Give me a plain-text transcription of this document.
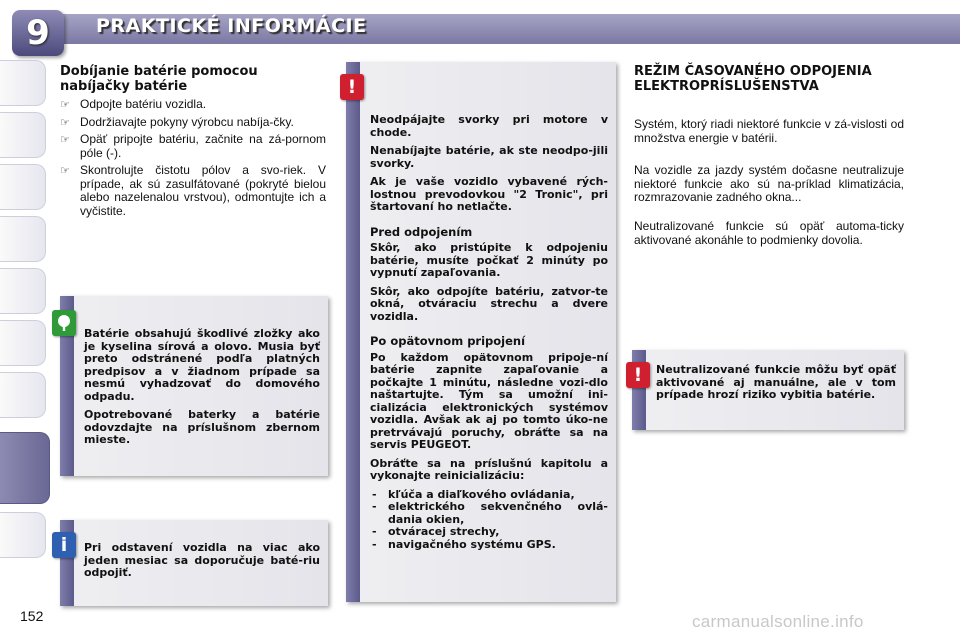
9	PRAKTICKÉ INFORMÁCIE
Dobíjanie batérie pomocou nabíjačky batérie
☞ Odpojte batériu vozidla.
☞ Dodržiavajte pokyny výrobcu nabíja-čky.
☞ Opäť pripojte batériu, začnite na zá-pornom póle (-).
☞ Skontrolujte čistotu pólov a svo-riek. V prípade, ak sú zasulfátované (pokryté bielou alebo nazelenalou vrstvou), odmontujte ich a vyčistite.

Batérie obsahujú škodlivé zložky ako je kyselina sírová a olovo. Musia byť preto odstránené podľa platných predpisov a v žiadnom prípade sa nesmú vyhadzovať do domového odpadu.

Opotrebované baterky a batérie odovzdajte na príslušnom zbernom mieste.

Pri odstavení vozidla na viac ako jeden mesiac sa doporučuje baté-riu odpojiť.
i

Neodpájajte svorky pri motore v chode.

Nenabíjajte batérie, ak ste neodpo-jili svorky.

Ak je vaše vozidlo vybavené rých-lostnou prevodovkou "2 Tronic", pri štartovaní ho netlačte.

Pred odpojením

Skôr, ako pristúpite k odpojeniu batérie, musíte počkať 2 minúty po vypnutí zapaľovania.

Skôr, ako odpojíte batériu, zatvor-te okná, otváraciu strechu a dvere vozidla.

Po opätovnom pripojení

Po každom opätovnom pripoje-ní batérie zapnite zapaľovanie a počkajte 1 minútu, následne vozi-dlo naštartujte. Tým sa umožní ini-cializácia elektronických systémov vozidla. Avšak ak aj po tomto úko-ne pretrvávajú poruchy, obráťte sa na servis PEUGEOT.

Obráťte sa na príslušnú kapitolu a vykonajte reinicializáciu:

- kľúča a diaľkového ovládania,
- elektrického sekvenčného ovlá-dania okien,
- otváracej strechy,
- navigačného systému GPS.
!
REŽIM ČASOVANÉHO ODPOJENIA ELEKTROPRÍSLUŠENSTVA
Systém, ktorý riadi niektoré funkcie v zá-vislosti od množstva energie v batérii.
Na vozidle za jazdy systém dočasne neutralizuje niektoré funkcie ako sú na-príklad klimatizácia, rozmrazovanie zadného okna...
Neutralizované funkcie sú opäť automa-ticky aktivované akonáhle to podmienky dovolia.
Neutralizované funkcie môžu byť opäť aktivované aj manuálne, ale v tom prípade hrozí riziko vybitia batérie.
!
152	carmanualsonline.info
